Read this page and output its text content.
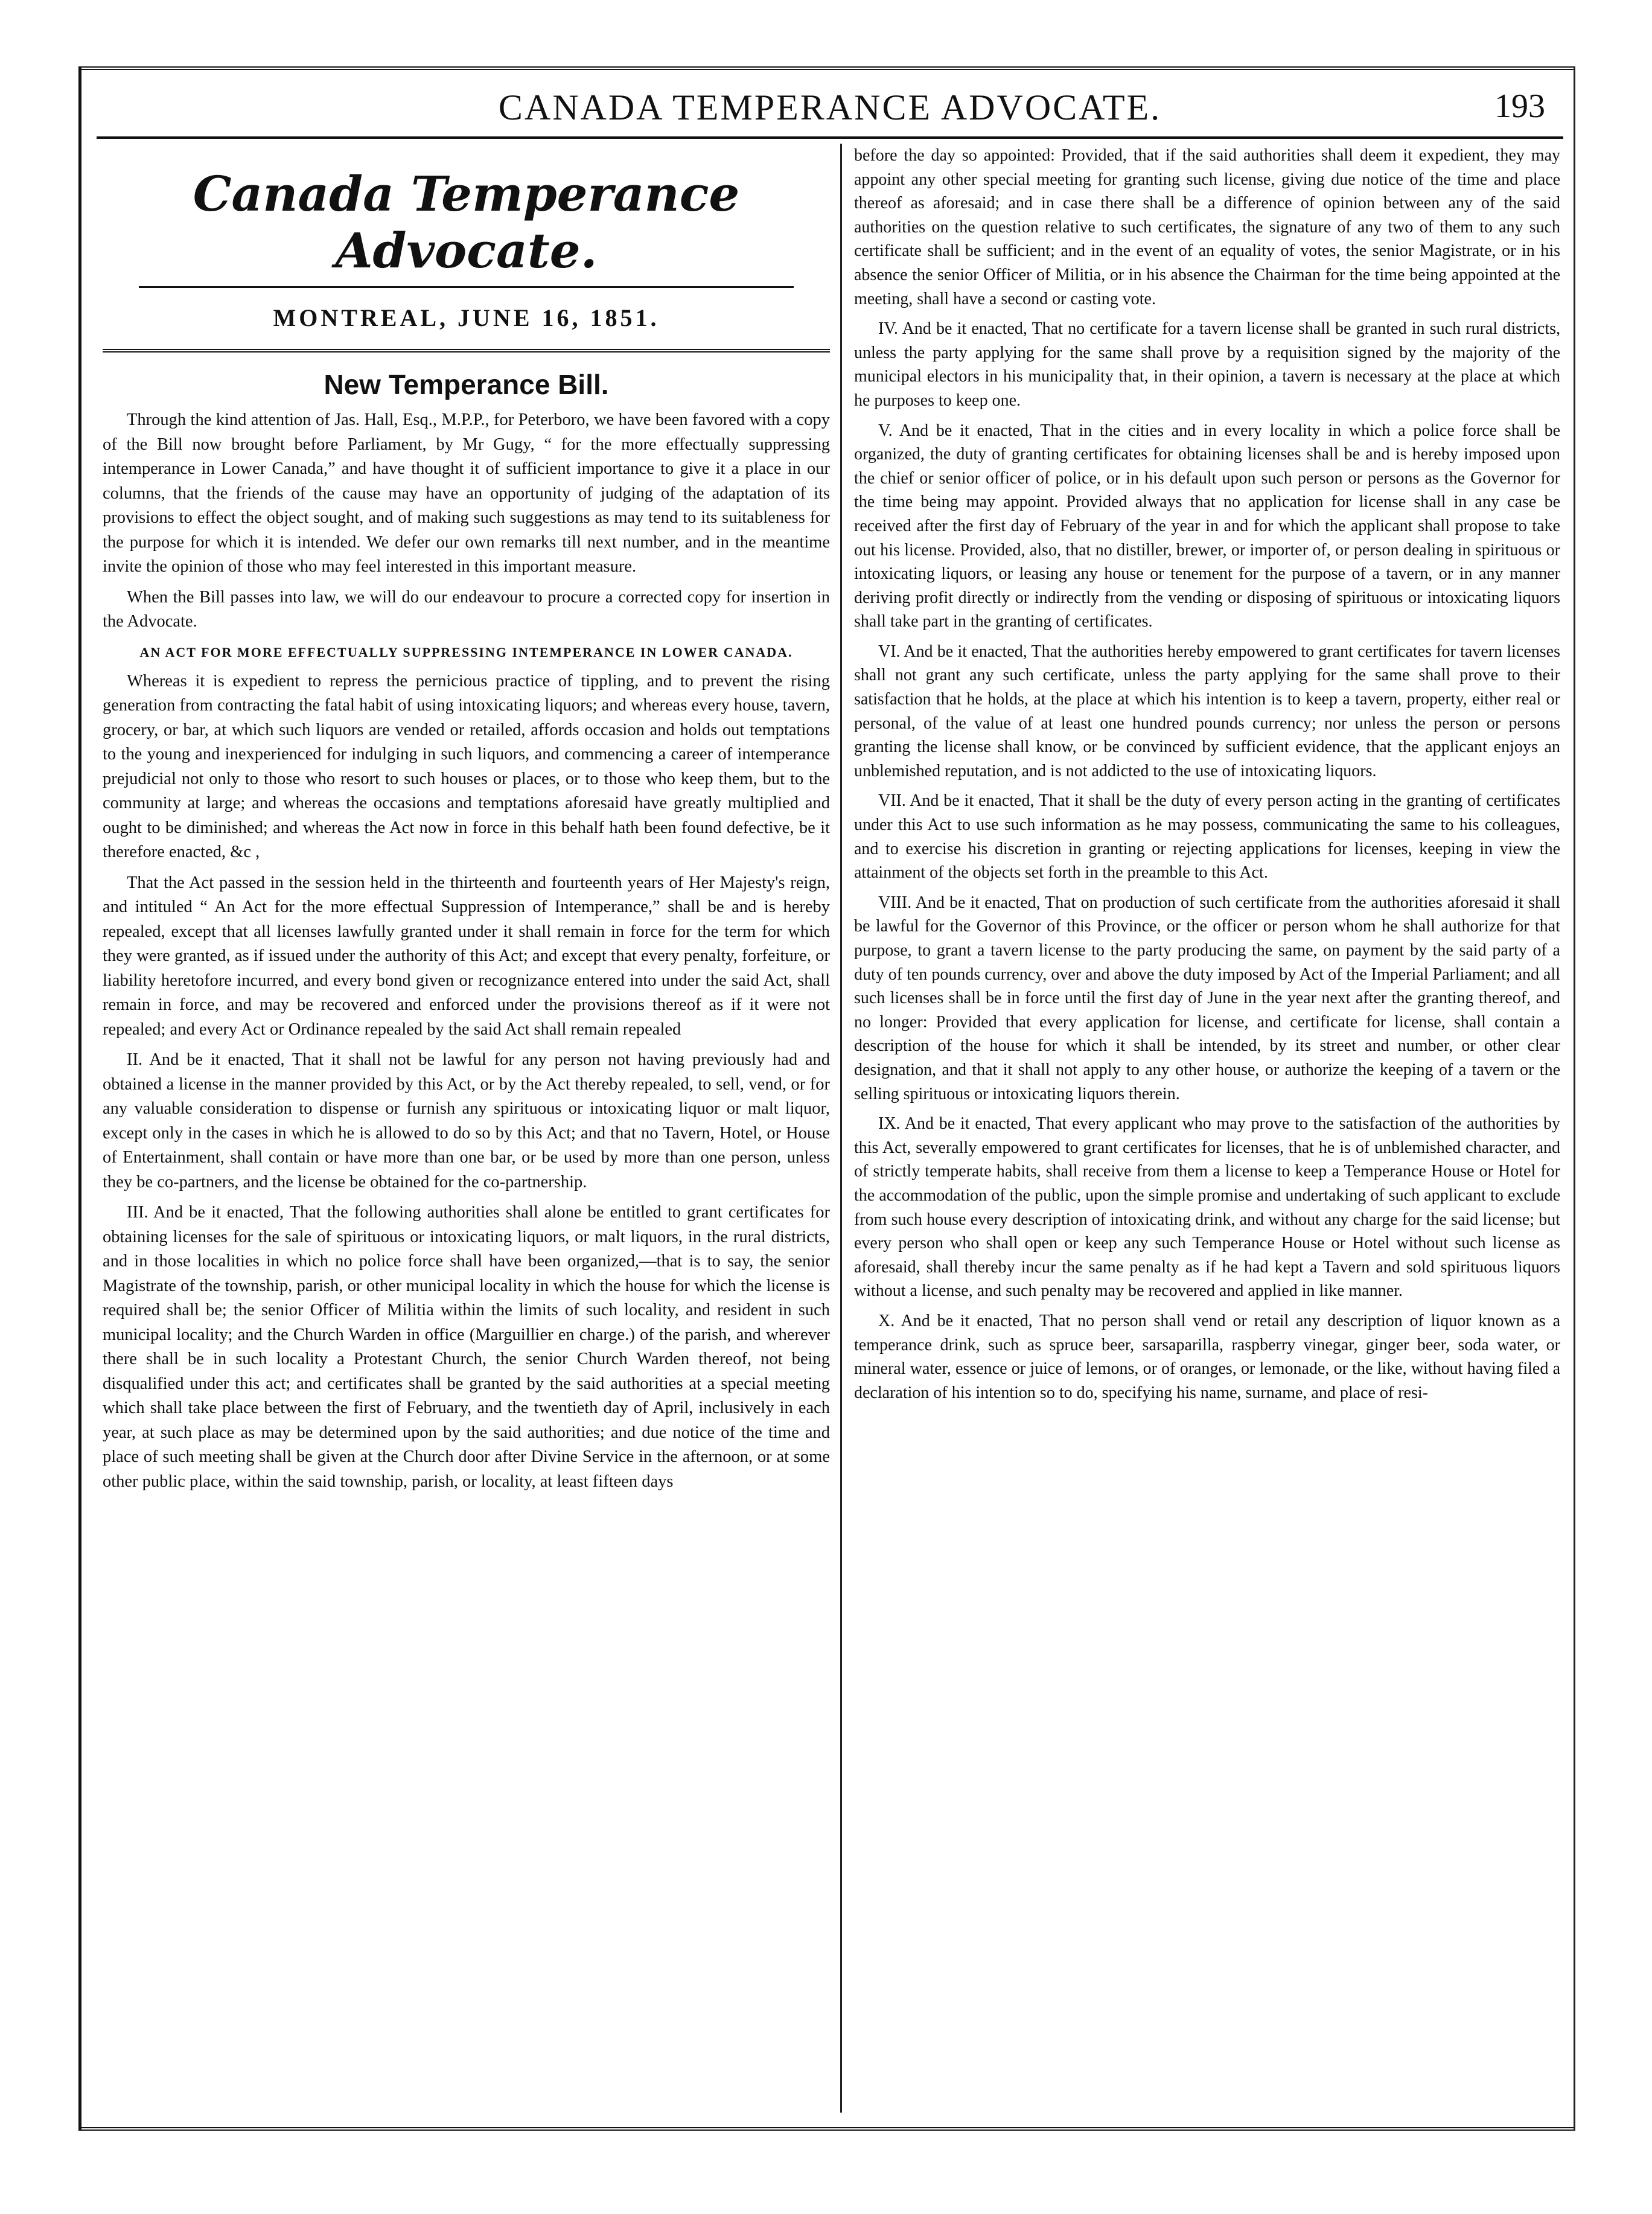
CANADA TEMPERANCE ADVOCATE.	193
Canada Temperance Advocate.
MONTREAL, JUNE 16, 1851.
New Temperance Bill.

Through the kind attention of Jas. Hall, Esq., M.P.P., for Peterboro, we have been favored with a copy of the Bill now brought before Parliament, by Mr Gugy, “ for the more effectually suppressing intemperance in Lower Canada,” and have thought it of sufficient importance to give it a place in our columns, that the friends of the cause may have an opportunity of judging of the adaptation of its provisions to effect the object sought, and of making such suggestions as may tend to its suitableness for the purpose for which it is intended. We defer our own remarks till next number, and in the meantime invite the opinion of those who may feel interested in this important measure.

When the Bill passes into law, we will do our endeavour to procure a corrected copy for insertion in the Advocate.

AN ACT FOR MORE EFFECTUALLY SUPPRESSING INTEMPERANCE IN LOWER CANADA.

Whereas it is expedient to repress the pernicious practice of tippling, and to prevent the rising generation from contracting the fatal habit of using intoxicating liquors; and whereas every house, tavern, grocery, or bar, at which such liquors are vended or retailed, affords occasion and holds out temptations to the young and inexperienced for indulging in such liquors, and commencing a career of intemperance prejudicial not only to those who resort to such houses or places, or to those who keep them, but to the community at large; and whereas the occasions and temptations aforesaid have greatly multiplied and ought to be diminished; and whereas the Act now in force in this behalf hath been found defective, be it therefore enacted, &c ,

That the Act passed in the session held in the thirteenth and fourteenth years of Her Majesty's reign, and intituled “ An Act for the more effectual Suppression of Intemperance,” shall be and is hereby repealed, except that all licenses lawfully granted under it shall remain in force for the term for which they were granted, as if issued under the authority of this Act; and except that every penalty, forfeiture, or liability heretofore incurred, and every bond given or recognizance entered into under the said Act, shall remain in force, and may be recovered and enforced under the provisions thereof as if it were not repealed; and every Act or Ordinance repealed by the said Act shall remain repealed

II. And be it enacted, That it shall not be lawful for any person not having previously had and obtained a license in the manner provided by this Act, or by the Act thereby repealed, to sell, vend, or for any valuable consideration to dispense or furnish any spirituous or intoxicating liquor or malt liquor, except only in the cases in which he is allowed to do so by this Act; and that no Tavern, Hotel, or House of Entertainment, shall contain or have more than one bar, or be used by more than one person, unless they be co-partners, and the license be obtained for the co-partnership.

III. And be it enacted, That the following authorities shall alone be entitled to grant certificates for obtaining licenses for the sale of spirituous or intoxicating liquors, or malt liquors, in the rural districts, and in those localities in which no police force shall have been organized,—that is to say, the senior Magistrate of the township, parish, or other municipal locality in which the house for which the license is required shall be; the senior Officer of Militia within the limits of such locality, and resident in such municipal locality; and the Church Warden in office (Marguillier en charge.) of the parish, and wherever there shall be in such locality a Protestant Church, the senior Church Warden thereof, not being disqualified under this act; and certificates shall be granted by the said authorities at a special meeting which shall take place between the first of February, and the twentieth day of April, inclusively in each year, at such place as may be determined upon by the said authorities; and due notice of the time and place of such meeting shall be given at the Church door after Divine Service in the afternoon, or at some other public place, within the said township, parish, or locality, at least fifteen days

before the day so appointed: Provided, that if the said authorities shall deem it expedient, they may appoint any other special meeting for granting such license, giving due notice of the time and place thereof as aforesaid; and in case there shall be a difference of opinion between any of the said authorities on the question relative to such certificates, the signature of any two of them to any such certificate shall be sufficient; and in the event of an equality of votes, the senior Magistrate, or in his absence the senior Officer of Militia, or in his absence the Chairman for the time being appointed at the meeting, shall have a second or casting vote.

IV. And be it enacted, That no certificate for a tavern license shall be granted in such rural districts, unless the party applying for the same shall prove by a requisition signed by the majority of the municipal electors in his municipality that, in their opinion, a tavern is necessary at the place at which he purposes to keep one.

V. And be it enacted, That in the cities and in every locality in which a police force shall be organized, the duty of granting certificates for obtaining licenses shall be and is hereby imposed upon the chief or senior officer of police, or in his default upon such person or persons as the Governor for the time being may appoint. Provided always that no application for license shall in any case be received after the first day of February of the year in and for which the applicant shall propose to take out his license. Provided, also, that no distiller, brewer, or importer of, or person dealing in spirituous or intoxicating liquors, or leasing any house or tenement for the purpose of a tavern, or in any manner deriving profit directly or indirectly from the vending or disposing of spirituous or intoxicating liquors shall take part in the granting of certificates.

VI. And be it enacted, That the authorities hereby empowered to grant certificates for tavern licenses shall not grant any such certificate, unless the party applying for the same shall prove to their satisfaction that he holds, at the place at which his intention is to keep a tavern, property, either real or personal, of the value of at least one hundred pounds currency; nor unless the person or persons granting the license shall know, or be convinced by sufficient evidence, that the applicant enjoys an unblemished reputation, and is not addicted to the use of intoxicating liquors.

VII. And be it enacted, That it shall be the duty of every person acting in the granting of certificates under this Act to use such information as he may possess, communicating the same to his colleagues, and to exercise his discretion in granting or rejecting applications for licenses, keeping in view the attainment of the objects set forth in the preamble to this Act.

VIII. And be it enacted, That on production of such certificate from the authorities aforesaid it shall be lawful for the Governor of this Province, or the officer or person whom he shall authorize for that purpose, to grant a tavern license to the party producing the same, on payment by the said party of a duty of ten pounds currency, over and above the duty imposed by Act of the Imperial Parliament; and all such licenses shall be in force until the first day of June in the year next after the granting thereof, and no longer: Provided that every application for license, and certificate for license, shall contain a description of the house for which it shall be intended, by its street and number, or other clear designation, and that it shall not apply to any other house, or authorize the keeping of a tavern or the selling spirituous or intoxicating liquors therein.

IX. And be it enacted, That every applicant who may prove to the satisfaction of the authorities by this Act, severally empowered to grant certificates for licenses, that he is of unblemished character, and of strictly temperate habits, shall receive from them a license to keep a Temperance House or Hotel for the accommodation of the public, upon the simple promise and undertaking of such applicant to exclude from such house every description of intoxicating drink, and without any charge for the said license; but every person who shall open or keep any such Temperance House or Hotel without such license as aforesaid, shall thereby incur the same penalty as if he had kept a Tavern and sold spirituous liquors without a license, and such penalty may be recovered and applied in like manner.

X. And be it enacted, That no person shall vend or retail any description of liquor known as a temperance drink, such as spruce beer, sarsaparilla, raspberry vinegar, ginger beer, soda water, or mineral water, essence or juice of lemons, or of oranges, or lemonade, or the like, without having filed a declaration of his intention so to do, specifying his name, surname, and place of resi-
